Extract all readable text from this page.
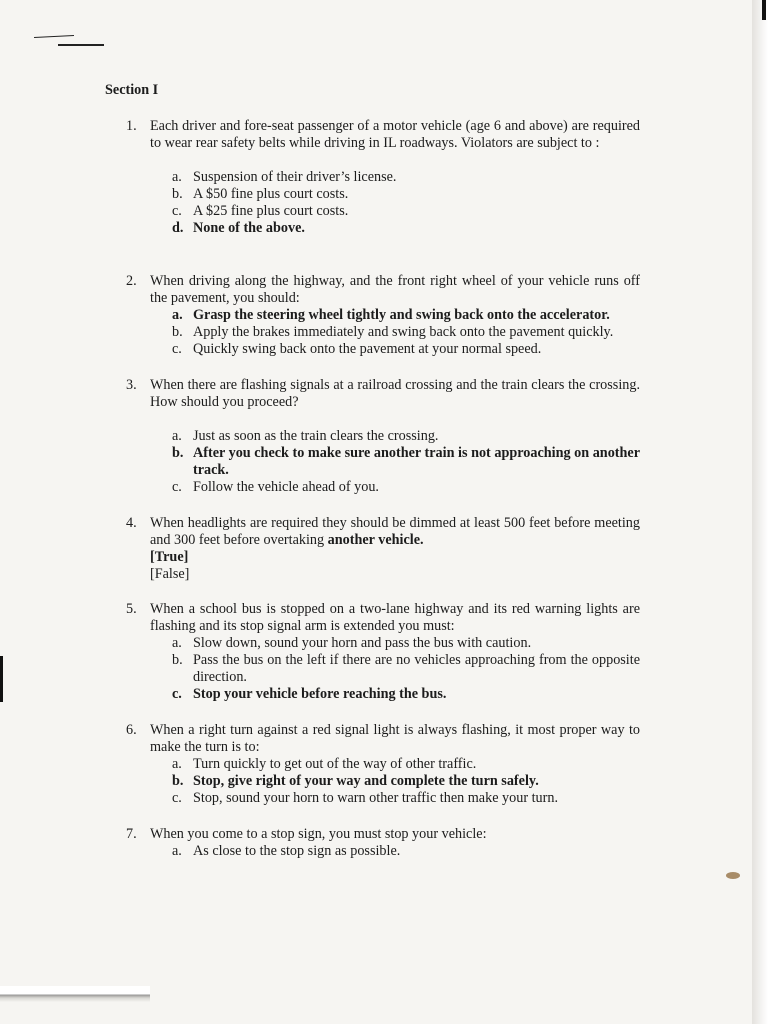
Section I
1. Each driver and fore-seat passenger of a motor vehicle (age 6 and above) are required to wear rear safety belts while driving in IL roadways. Violators are subject to :
a. Suspension of their driver’s license.
b. A $50 fine plus court costs.
c. A $25 fine plus court costs.
d. None of the above.
2. When driving along the highway, and the front right wheel of your vehicle runs off the pavement, you should:
a. Grasp the steering wheel tightly and swing back onto the accelerator.
b. Apply the brakes immediately and swing back onto the pavement quickly.
c. Quickly swing back onto the pavement at your normal speed.
3. When there are flashing signals at a railroad crossing and the train clears the crossing. How should you proceed?
a. Just as soon as the train clears the crossing.
b. After you check to make sure another train is not approaching on another track.
c. Follow the vehicle ahead of you.
4. When headlights are required they should be dimmed at least 500 feet before meeting and 300 feet before overtaking another vehicle.
[True]
[False]
5. When a school bus is stopped on a two-lane highway and its red warning lights are flashing and its stop signal arm is extended you must:
a. Slow down, sound your horn and pass the bus with caution.
b. Pass the bus on the left if there are no vehicles approaching from the opposite direction.
c. Stop your vehicle before reaching the bus.
6. When a right turn against a red signal light is always flashing, it most proper way to make the turn is to:
a. Turn quickly to get out of the way of other traffic.
b. Stop, give right of your way and complete the turn safely.
c. Stop, sound your horn to warn other traffic then make your turn.
7. When you come to a stop sign, you must stop your vehicle:
a. As close to the stop sign as possible.
